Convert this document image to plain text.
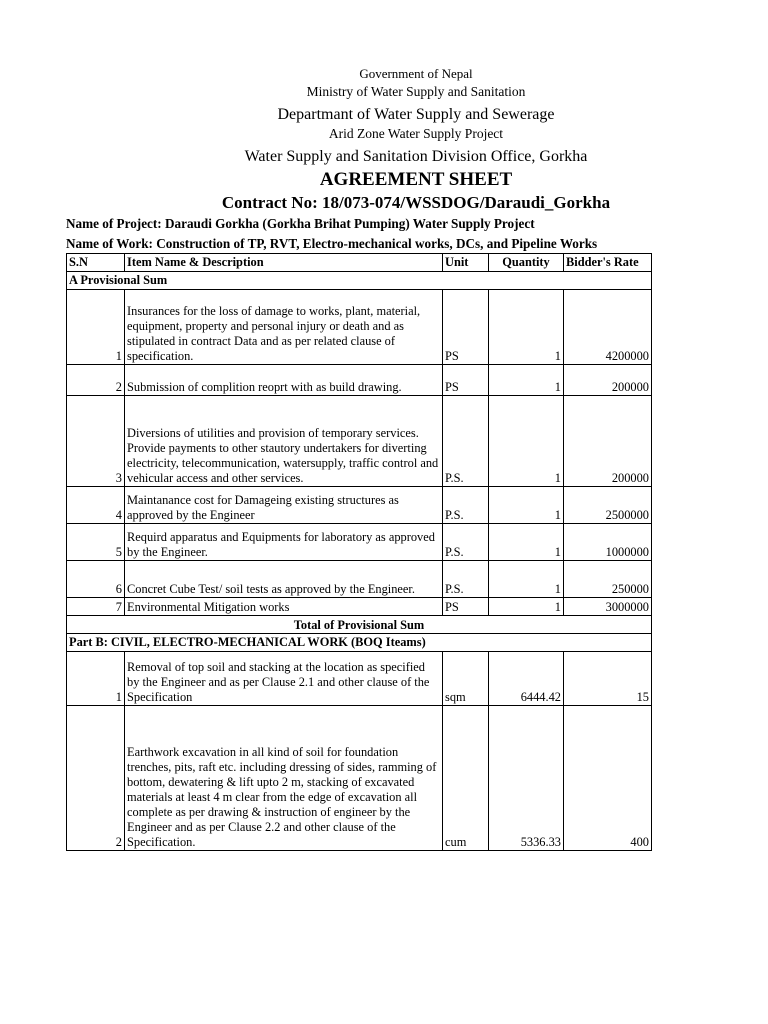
Government of Nepal
Ministry of Water Supply and Sanitation
Departmant of Water Supply and Sewerage
Arid Zone Water Supply Project
Water Supply and Sanitation Division Office, Gorkha
AGREEMENT SHEET
Contract No: 18/073-074/WSSDOG/Daraudi_Gorkha
Name of Project: Daraudi Gorkha (Gorkha Brihat Pumping) Water Supply Project
Name of Work: Construction of TP, RVT, Electro-mechanical works, DCs, and Pipeline Works
S.N	Item Name & Description	Unit	Quantity	Bidder's Rate
A Provisional Sum				
1	Insurances for the loss of damage to works, plant, material, equipment, property and personal injury or death and as stipulated in contract Data and as per related clause of specification.	PS	1	4200000
2	Submission of complition reoprt with as build drawing.	PS	1	200000
3	Diversions of utilities and provision of temporary services. Provide payments to other stautory undertakers for diverting electricity, telecommunication, watersupply, traffic control and vehicular access and other services.	P.S.	1	200000
4	Maintanance cost for Damageing existing structures as approved by the Engineer	P.S.	1	2500000
5	Requird apparatus and Equipments for laboratory as approved by the Engineer.	P.S.	1	1000000
6	Concret Cube Test/ soil tests as approved by the Engineer.	P.S.	1	250000
7	Environmental Mitigation works	PS	1	3000000
Total of Provisional Sum				
Part B: CIVIL, ELECTRO-MECHANICAL WORK (BOQ Iteams)				
1	Removal of top soil and stacking at the location as specified by the Engineer and as per Clause 2.1 and other clause of the Specification	sqm	6444.42	15
2	Earthwork excavation in all kind of soil for foundation trenches, pits, raft etc. including dressing of sides, ramming of bottom, dewatering & lift upto 2 m, stacking of excavated materials at least 4 m clear from the edge of excavation all complete as per drawing & instruction of engineer by the Engineer and as per Clause 2.2 and other clause of the Specification.	cum	5336.33	400
